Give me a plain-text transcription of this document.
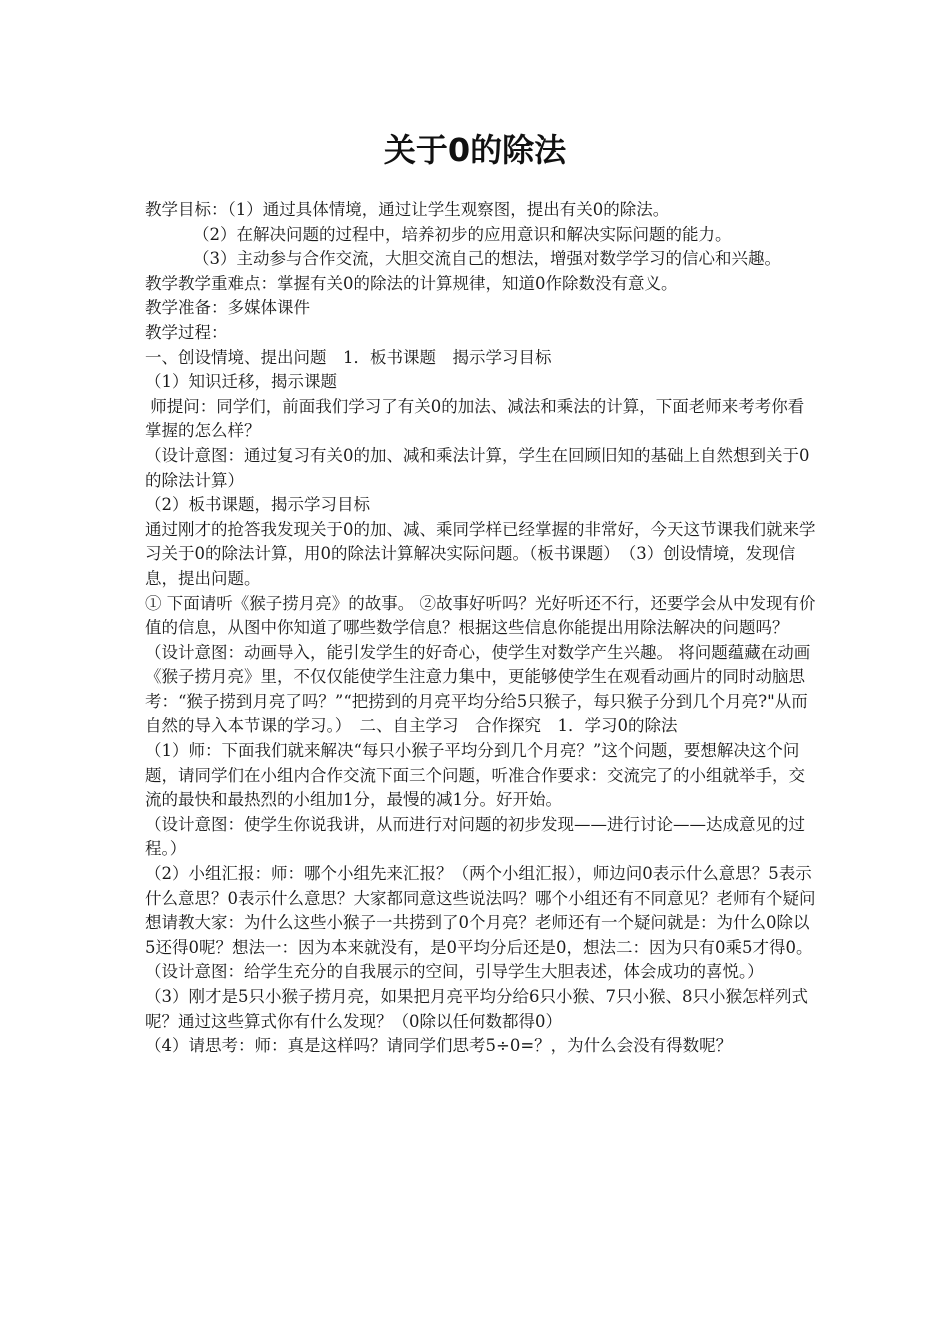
关于0的除法

教学目标：（1）通过具体情境，通过让学生观察图，提出有关0的除法。

（2）在解决问题的过程中，培养初步的应用意识和解决实际问题的能力。

（3）主动参与合作交流，大胆交流自己的想法，增强对数学学习的信心和兴趣。

教学教学重难点：掌握有关0的除法的计算规律，知道0作除数没有意义。

教学准备：多媒体课件

教学过程：

一、创设情境、提出问题　1．板书课题　揭示学习目标

（1）知识迁移，揭示课题

师提问：同学们，前面我们学习了有关0的加法、减法和乘法的计算，下面老师来考考你看掌握的怎么样？

（设计意图：通过复习有关0的加、减和乘法计算，学生在回顾旧知的基础上自然想到关于0的除法计算）

（2）板书课题，揭示学习目标

通过刚才的抢答我发现关于0的加、减、乘同学样已经掌握的非常好，今天这节课我们就来学习关于0的除法计算，用0的除法计算解决实际问题。（板书课题）　（3）创设情境，发现信息，提出问题。

① 下面请听《猴子捞月亮》的故事。 ②故事好听吗？光好听还不行，还要学会从中发现有价值的信息，从图中你知道了哪些数学信息？根据这些信息你能提出用除法解决的问题吗？

（设计意图：动画导入，能引发学生的好奇心，使学生对数学产生兴趣。 将问题蕴藏在动画《猴子捞月亮》里，不仅仅能使学生注意力集中，更能够使学生在观看动画片的同时动脑思考：“猴子捞到月亮了吗？”“把捞到的月亮平均分给5只猴子，每只猴子分到几个月亮?"从而自然的导入本节课的学习。）　二、自主学习　合作探究　1．学习0的除法

（1）师：下面我们就来解决“每只小猴子平均分到几个月亮？”这个问题，要想解决这个问题，请同学们在小组内合作交流下面三个问题，听准合作要求：交流完了的小组就举手，交流的最快和最热烈的小组加1分，最慢的减1分。好开始。

（设计意图：使学生你说我讲，从而进行对问题的初步发现——进行讨论——达成意见的过程。）

（2）小组汇报：师：哪个小组先来汇报？（两个小组汇报），师边问0表示什么意思？5表示什么意思？0表示什么意思？大家都同意这些说法吗？哪个小组还有不同意见？老师有个疑问想请教大家：为什么这些小猴子一共捞到了0个月亮？老师还有一个疑问就是：为什么0除以5还得0呢？想法一：因为本来就没有，是0平均分后还是0，想法二：因为只有0乘5才得0。

（设计意图：给学生充分的自我展示的空间，引导学生大胆表述，体会成功的喜悦。）

（3）刚才是5只小猴子捞月亮，如果把月亮平均分给6只小猴、7只小猴、8只小猴怎样列式呢？通过这些算式你有什么发现？（0除以任何数都得0）

（4）请思考：师：真是这样吗？请同学们思考5÷0=？，为什么会没有得数呢？
